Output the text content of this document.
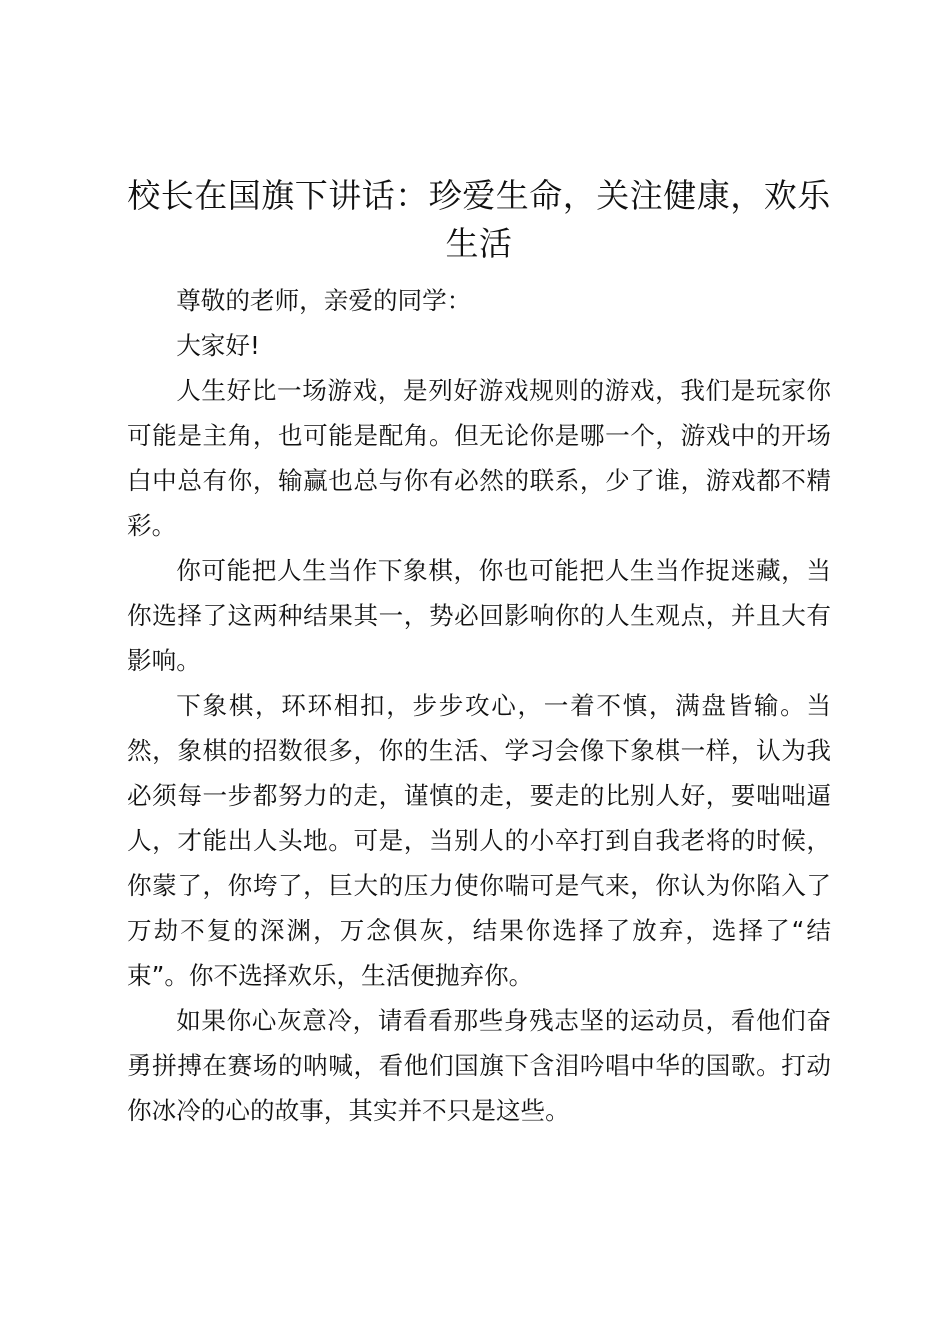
校长在国旗下讲话：珍爱生命，关注健康，欢乐生活

尊敬的老师，亲爱的同学：

大家好!

人生好比一场游戏，是列好游戏规则的游戏，我们是玩家你可能是主角，也可能是配角。但无论你是哪一个，游戏中的开场白中总有你，输赢也总与你有必然的联系，少了谁，游戏都不精彩。

你可能把人生当作下象棋，你也可能把人生当作捉迷藏，当你选择了这两种结果其一，势必回影响你的人生观点，并且大有影响。

下象棋，环环相扣，步步攻心，一着不慎，满盘皆输。当然，象棋的招数很多，你的生活、学习会像下象棋一样，认为我必须每一步都努力的走，谨慎的走，要走的比别人好，要咄咄逼人，才能出人头地。可是，当别人的小卒打到自我老将的时候，你蒙了，你垮了，巨大的压力使你喘可是气来，你认为你陷入了万劫不复的深渊，万念俱灰，结果你选择了放弃，选择了“结束”。你不选择欢乐，生活便抛弃你。

如果你心灰意冷，请看看那些身残志坚的运动员，看他们奋勇拼搏在赛场的呐喊，看他们国旗下含泪吟唱中华的国歌。打动你冰冷的心的故事，其实并不只是这些。
